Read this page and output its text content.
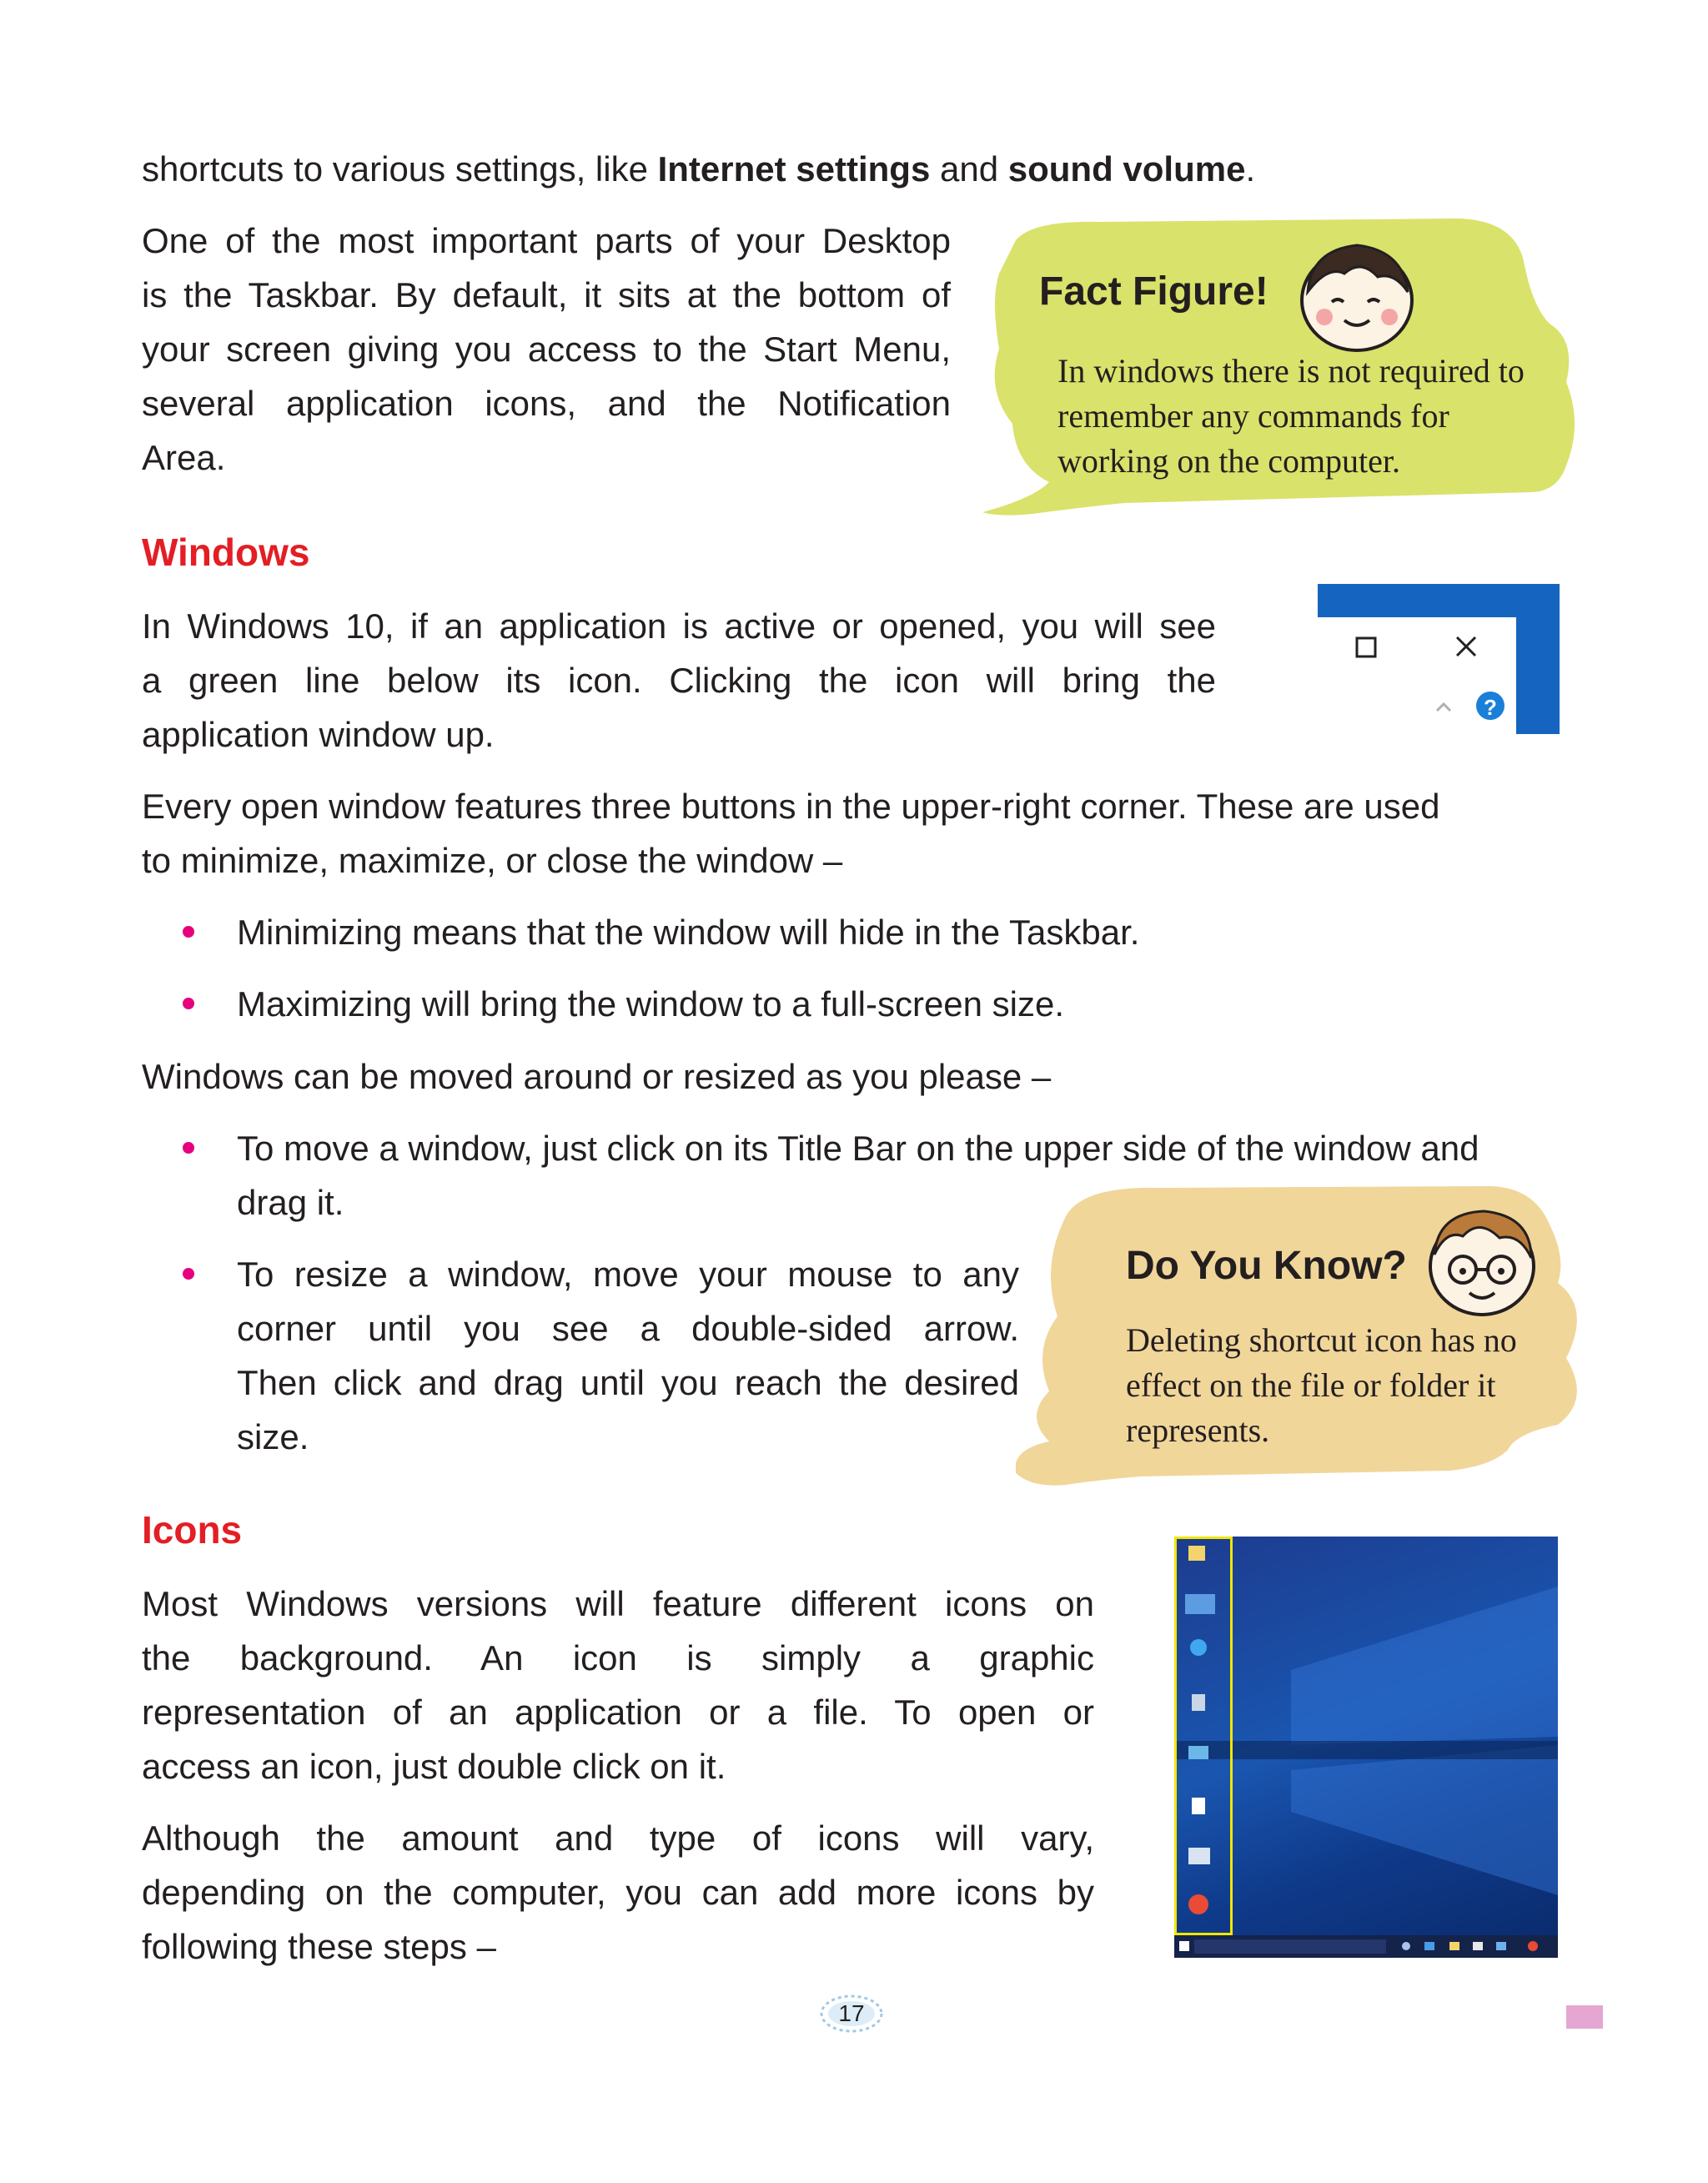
shortcuts to various settings, like Internet settings and sound volume.

One of the most important parts of your Desktop

is the Taskbar. By default, it sits at the bottom of

your screen giving you access to the Start Menu,

several application icons, and the Notification

Area.

Fact Figure!
In windows there is not required to remember any commands for working on the computer.
Windows

In Windows 10, if an application is active or opened, you will see

a green line below its icon. Clicking the icon will bring the

application window up.

?

Every open window features three buttons in the upper-right corner. These are used

to minimize, maximize, or close the window –

Minimizing means that the window will hide in the Taskbar.

Maximizing will bring the window to a full-screen size.

Windows can be moved around or resized as you please –

To move a window, just click on its Title Bar on the upper side of the window and

drag it.

To resize a window, move your mouse to any

corner until you see a double-sided arrow.

Then click and drag until you reach the desired

size.

Do You Know?
Deleting shortcut icon has no effect on the file or folder it represents.
Icons

Most Windows versions will feature different icons on

the background. An icon is simply a graphic

representation of an application or a file. To open or

access an icon, just double click on it.

Although the amount and type of icons will vary,

depending on the computer, you can add more icons by

following these steps –

17
